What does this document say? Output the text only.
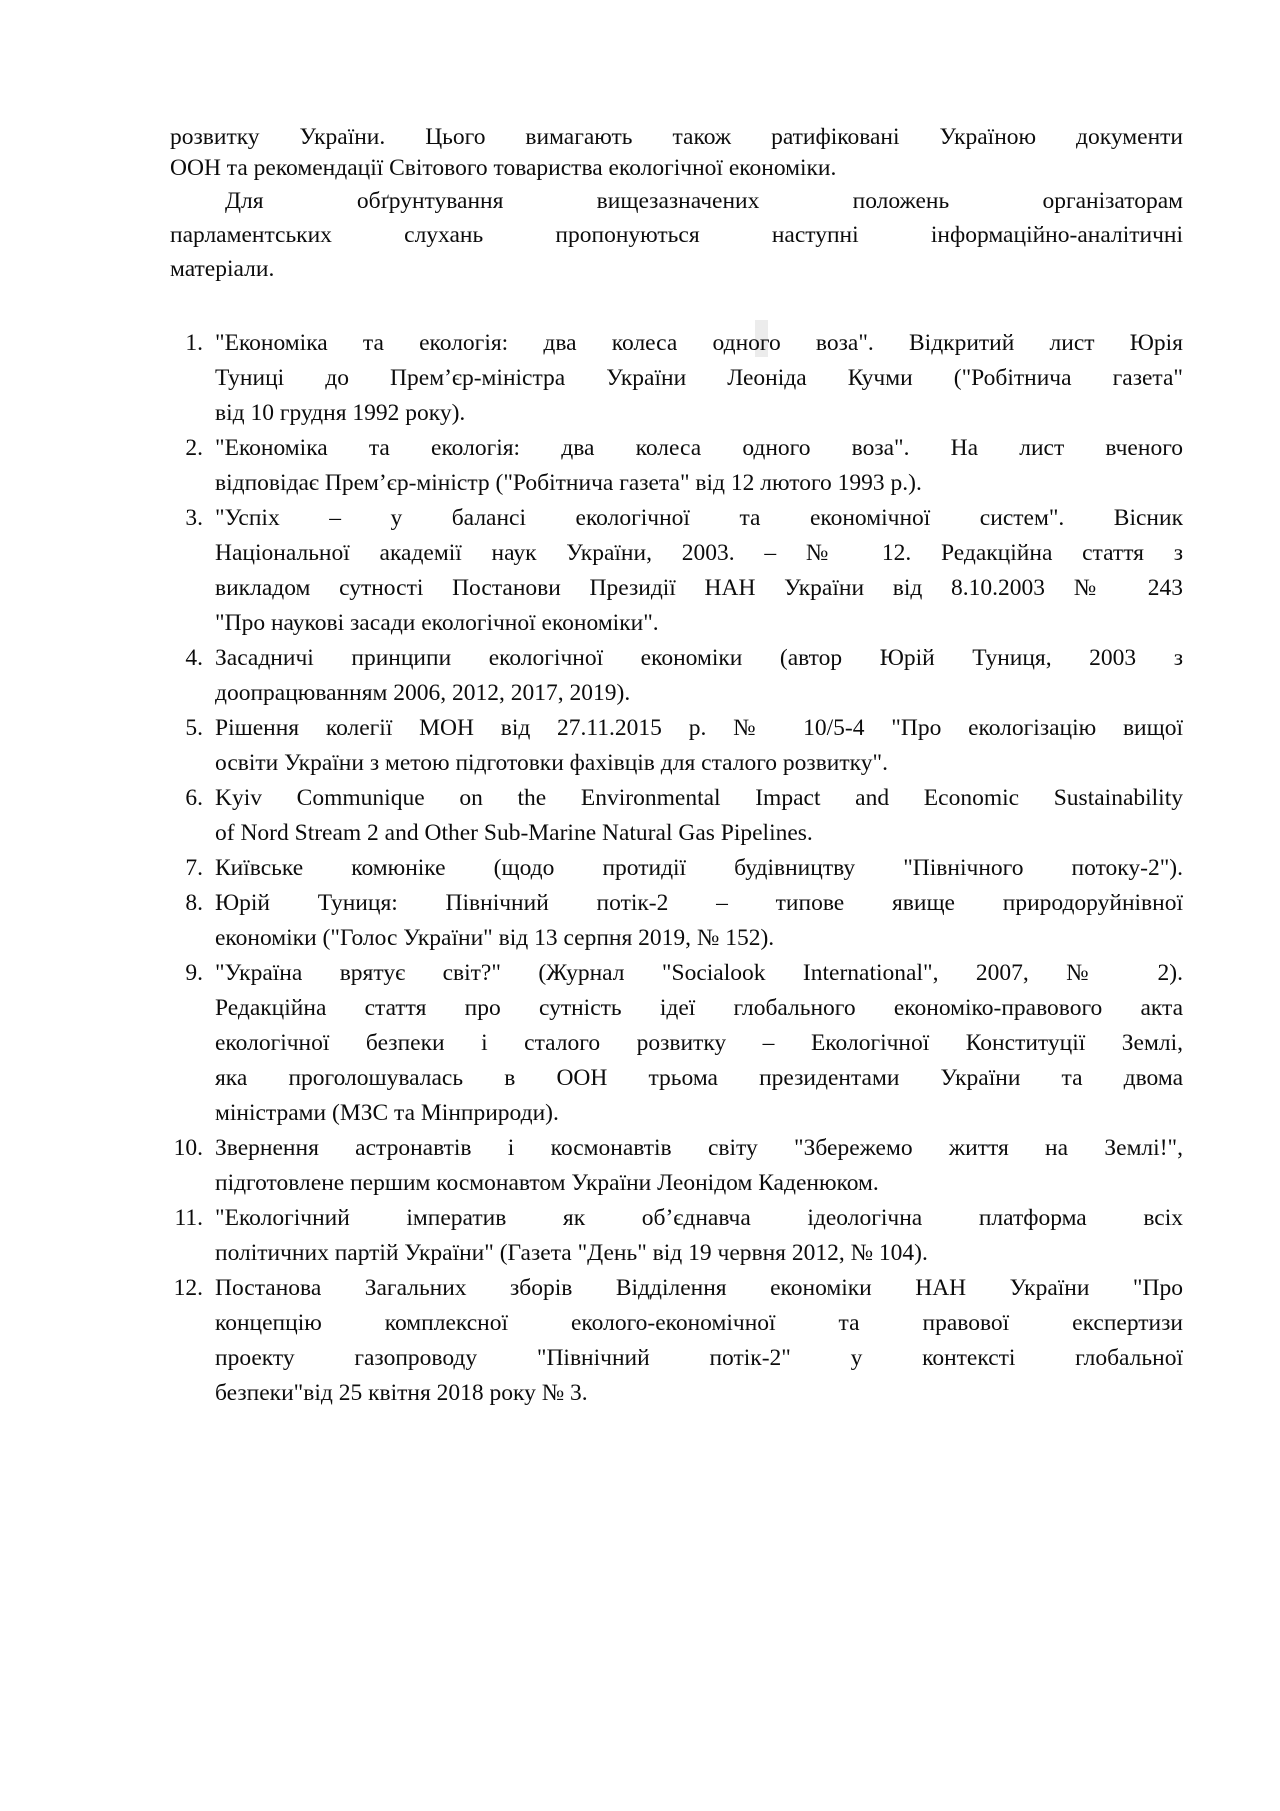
розвитку України. Цього вимагають також ратифіковані Україною документи
ООН та рекомендації Світового товариства екологічної економіки.
Для обґрунтування вищезазначених положень організаторам
парламентських слухань пропонуються наступні інформаційно-аналітичні
матеріали.
1. "Економіка та екологія: два колеса одного воза". Відкритий лист Юрія
Туниці до Прем’єр-міністра України Леоніда Кучми ("Робітнича газета"
від 10 грудня 1992 року).
2. "Економіка та екологія: два колеса одного воза". На лист вченого
відповідає Прем’єр-міністр ("Робітнича газета" від 12 лютого 1993 р.).
3. "Успіх – у балансі екологічної та економічної систем". Вісник
Національної академії наук України, 2003. – № 12. Редакційна стаття з
викладом сутності Постанови Президії НАН України від 8.10.2003 № 243
"Про наукові засади екологічної економіки".
4. Засадничі принципи екологічної економіки (автор Юрій Туниця, 2003 з
доопрацюванням 2006, 2012, 2017, 2019).
5. Рішення колегії МОН від 27.11.2015 р. № 10/5-4 "Про екологізацію вищої
освіти України з метою підготовки фахівців для сталого розвитку".
6. Kyiv Communique on the Environmental Impact and Economic Sustainability
of Nord Stream 2 and Other Sub-Marine Natural Gas Pipelines.
7. Київське комюніке (щодо протидії будівництву "Північного потоку-2").
8. Юрій Туниця: Північний потік-2 – типове явище природоруйнівної
економіки ("Голос України" від 13 серпня 2019, № 152).
9. "Україна врятує світ?" (Журнал "Socialook International", 2007, № 2).
Редакційна стаття про сутність ідеї глобального економіко-правового акта
екологічної безпеки і сталого розвитку – Екологічної Конституції Землі,
яка проголошувалась в ООН трьома президентами України та двома
міністрами (МЗС та Мінприроди).
10. Звернення астронавтів і космонавтів світу "Збережемо життя на Землі!",
підготовлене першим космонавтом України Леонідом Каденюком.
11. "Екологічний імператив як об’єднавча ідеологічна платформа всіх
політичних партій України" (Газета "День" від 19 червня 2012, № 104).
12. Постанова Загальних зборів Відділення економіки НАН України "Про
концепцію комплексної еколого-економічної та правової експертизи
проекту газопроводу "Північний потік-2" у контексті глобальної
безпеки"від 25 квітня 2018 року № 3.
